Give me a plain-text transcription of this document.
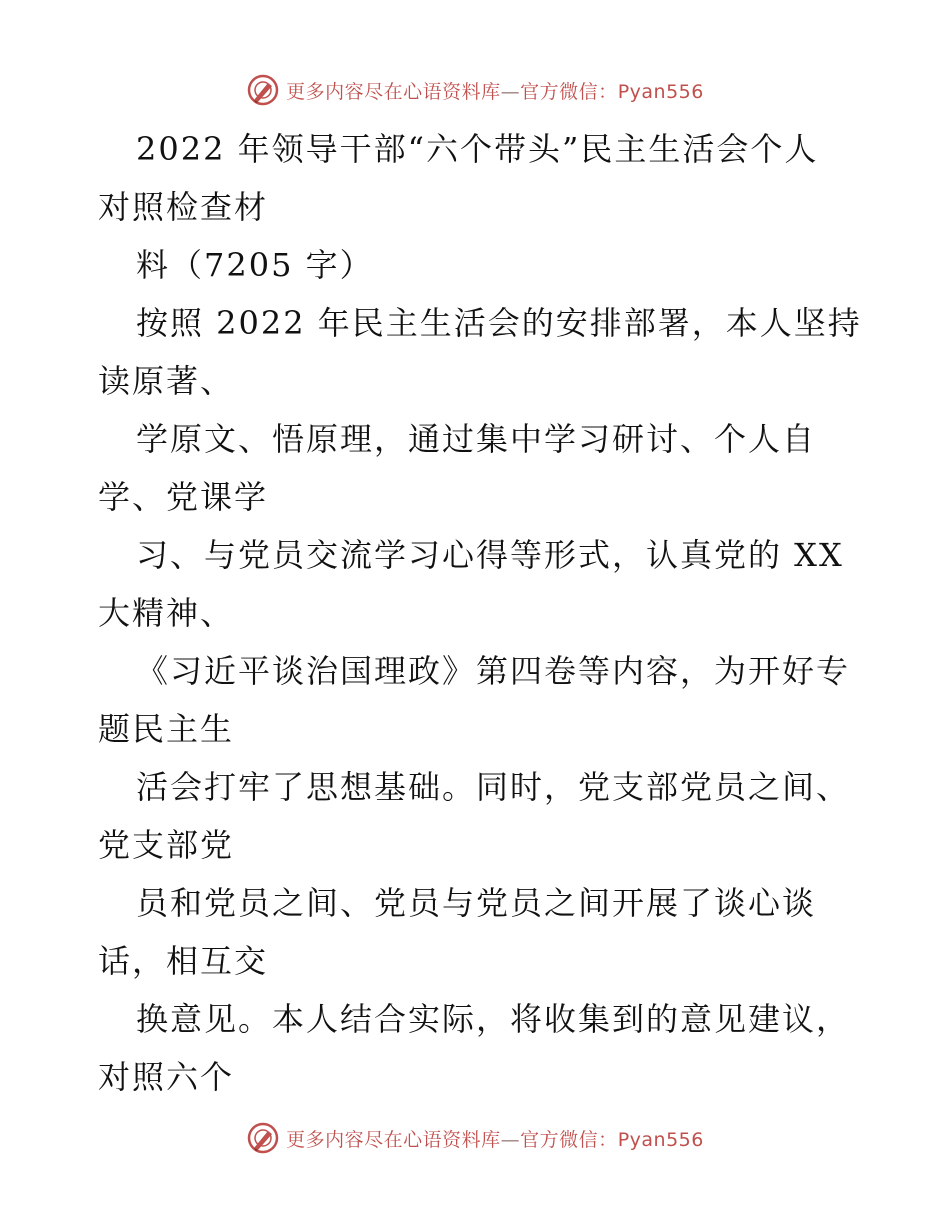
更多内容尽在心语资料库—官方微信：Pyan556
2022 年领导干部“六个带头”民主生活会个人
对照检查材
料（7205 字）
按照 2022 年民主生活会的安排部署，本人坚持
读原著、
学原文、悟原理，通过集中学习研讨、个人自
学、党课学
习、与党员交流学习心得等形式，认真党的 XX
大精神、
《习近平谈治国理政》第四卷等内容，为开好专
题民主生
活会打牢了思想基础。同时，党支部党员之间、
党支部党
员和党员之间、党员与党员之间开展了谈心谈
话，相互交
换意见。本人结合实际，将收集到的意见建议，
对照六个
更多内容尽在心语资料库—官方微信：Pyan556
